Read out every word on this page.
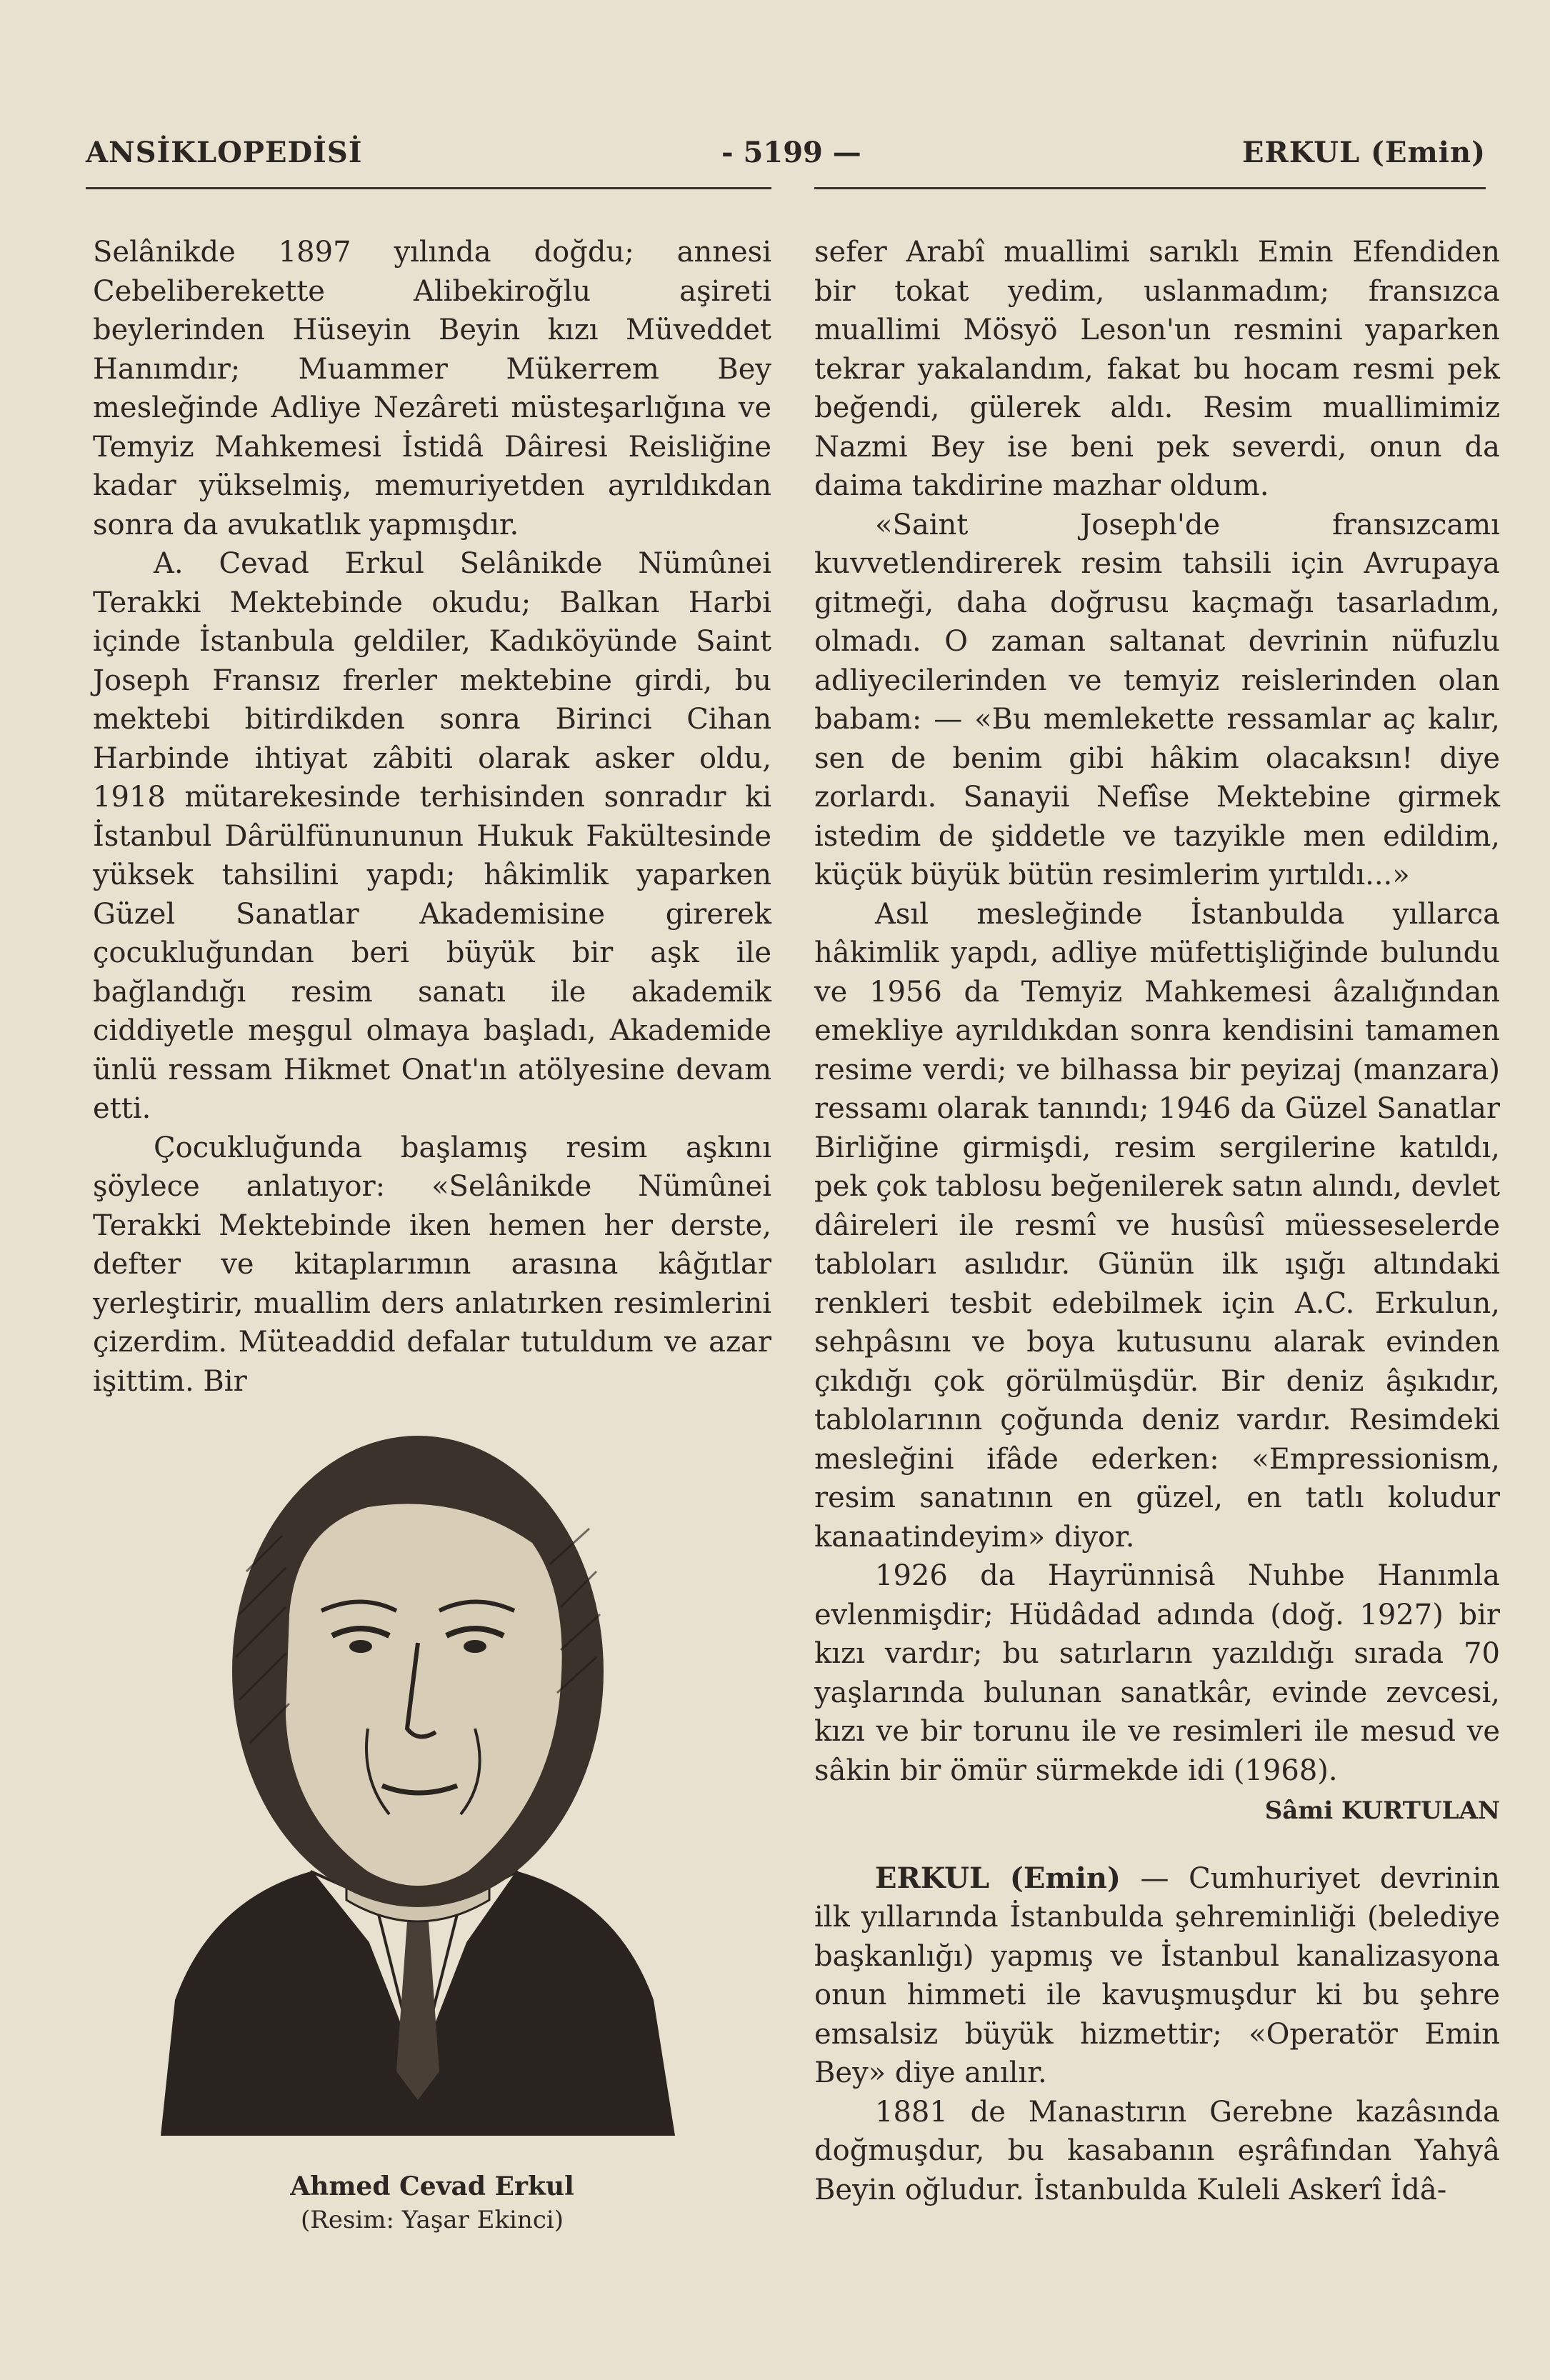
ANSİKLOPEDİSİ	- 5199 —	ERKUL (Emin)

Selânikde 1897 yılında doğdu; annesi Cebeliberekette Alibekiroğlu aşireti beylerinden Hüseyin Beyin kızı Müveddet Hanımdır; Muammer Mükerrem Bey mesleğinde Adliye Nezâreti müsteşarlığına ve Temyiz Mahkemesi İstidâ Dâiresi Reisliğine kadar yükselmiş, memuriyetden ayrıldıkdan sonra da avukatlık yapmışdır.

A. Cevad Erkul Selânikde Nümûnei Terakki Mektebinde okudu; Balkan Harbi içinde İstanbula geldiler, Kadıköyünde Saint Joseph Fransız frerler mektebine girdi, bu mektebi bitirdikden sonra Birinci Cihan Harbinde ihtiyat zâbiti olarak asker oldu, 1918 mütarekesinde terhisinden sonradır ki İstanbul Dârülfünununun Hukuk Fakültesinde yüksek tahsilini yapdı; hâkimlik yaparken Güzel Sanatlar Akademisine girerek çocukluğundan beri büyük bir aşk ile bağlandığı resim sanatı ile akademik ciddiyetle meşgul olmaya başladı, Akademide ünlü ressam Hikmet Onat'ın atölyesine devam etti.

Çocukluğunda başlamış resim aşkını şöylece anlatıyor: «Selânikde Nümûnei Terakki Mektebinde iken hemen her derste, defter ve kitaplarımın arasına kâğıtlar yerleştirir, muallim ders anlatırken resimlerini çizerdim. Müteaddid defalar tutuldum ve azar işittim. Bir

Ahmed Cevad Erkul
(Resim: Yaşar Ekinci)

sefer Arabî muallimi sarıklı Emin Efendiden bir tokat yedim, uslanmadım; fransızca muallimi Mösyö Leson'un resmini yaparken tekrar yakalandım, fakat bu hocam resmi pek beğendi, gülerek aldı. Resim muallimimiz Nazmi Bey ise beni pek severdi, onun da daima takdirine mazhar oldum.

«Saint Joseph'de fransızcamı kuvvetlendirerek resim tahsili için Avrupaya gitmeği, daha doğrusu kaçmağı tasarladım, olmadı. O zaman saltanat devrinin nüfuzlu adliyecilerinden ve temyiz reislerinden olan babam: — «Bu memlekette ressamlar aç kalır, sen de benim gibi hâkim olacaksın! diye zorlardı. Sanayii Nefîse Mektebine girmek istedim de şiddetle ve tazyikle men edildim, küçük büyük bütün resimlerim yırtıldı...»

Asıl mesleğinde İstanbulda yıllarca hâkimlik yapdı, adliye müfettişliğinde bulundu ve 1956 da Temyiz Mahkemesi âzalığından emekliye ayrıldıkdan sonra kendisini tamamen resime verdi; ve bilhassa bir peyizaj (manzara) ressamı olarak tanındı; 1946 da Güzel Sanatlar Birliğine girmişdi, resim sergilerine katıldı, pek çok tablosu beğenilerek satın alındı, devlet dâireleri ile resmî ve husûsî müesseselerde tabloları asılıdır. Günün ilk ışığı altındaki renkleri tesbit edebilmek için A.C. Erkulun, sehpâsını ve boya kutusunu alarak evinden çıkdığı çok görülmüşdür. Bir deniz âşıkıdır, tablolarının çoğunda deniz vardır. Resimdeki mesleğini ifâde ederken: «Empressionism, resim sanatının en güzel, en tatlı koludur kanaatindeyim» diyor.

1926 da Hayrünnisâ Nuhbe Hanımla evlenmişdir; Hüdâdad adında (doğ. 1927) bir kızı vardır; bu satırların yazıldığı sırada 70 yaşlarında bulunan sanatkâr, evinde zevcesi, kızı ve bir torunu ile ve resimleri ile mesud ve sâkin bir ömür sürmekde idi (1968).

Sâmi KURTULAN

ERKUL (Emin) — Cumhuriyet devrinin ilk yıllarında İstanbulda şehreminliği (belediye başkanlığı) yapmış ve İstanbul kanalizasyona onun himmeti ile kavuşmuşdur ki bu şehre emsalsiz büyük hizmettir; «Operatör Emin Bey» diye anılır.

1881 de Manastırın Gerebne kazâsında doğmuşdur, bu kasabanın eşrâfından Yahyâ Beyin oğludur. İstanbulda Kuleli Askerî İdâ-
